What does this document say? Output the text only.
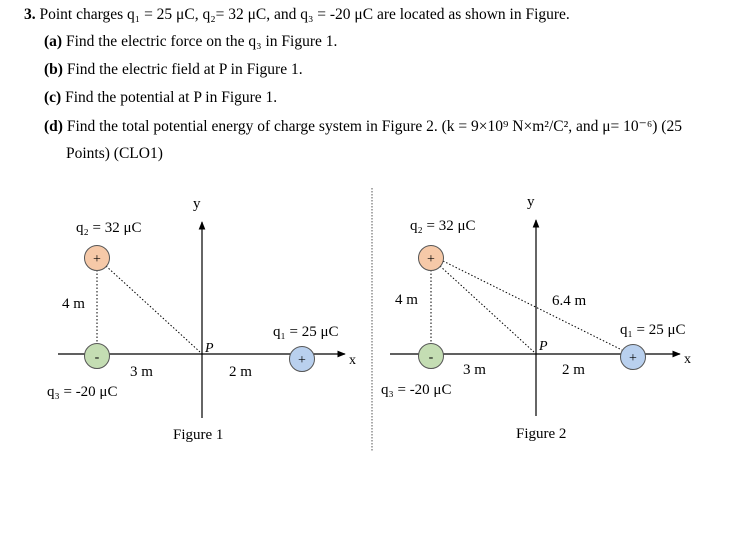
3. Point charges q₁ = 25 μC, q₂= 32 μC, and q₃ = -20 μC are located as shown in Figure.
(a) Find the electric force on the q₃ in Figure 1.
(b) Find the electric field at P in Figure 1.
(c) Find the potential at P in Figure 1.
(d) Find the total potential energy of charge system in Figure 2. (k = 9×10⁹ N×m²/C², and μ= 10⁻⁶) (25
Points) (CLO1)
+
-	+
q₂ = 32 μC
4 m
q₁ = 25 μC
P
3 m	2 m
q₃ = -20 μC
x
y
Figure 1
+
-	+
q₂ = 32 μC
4 m	6.4 m
q₁ = 25 μC
P
3 m	2 m
q₃ = -20 μC
x
y
Figure 2
